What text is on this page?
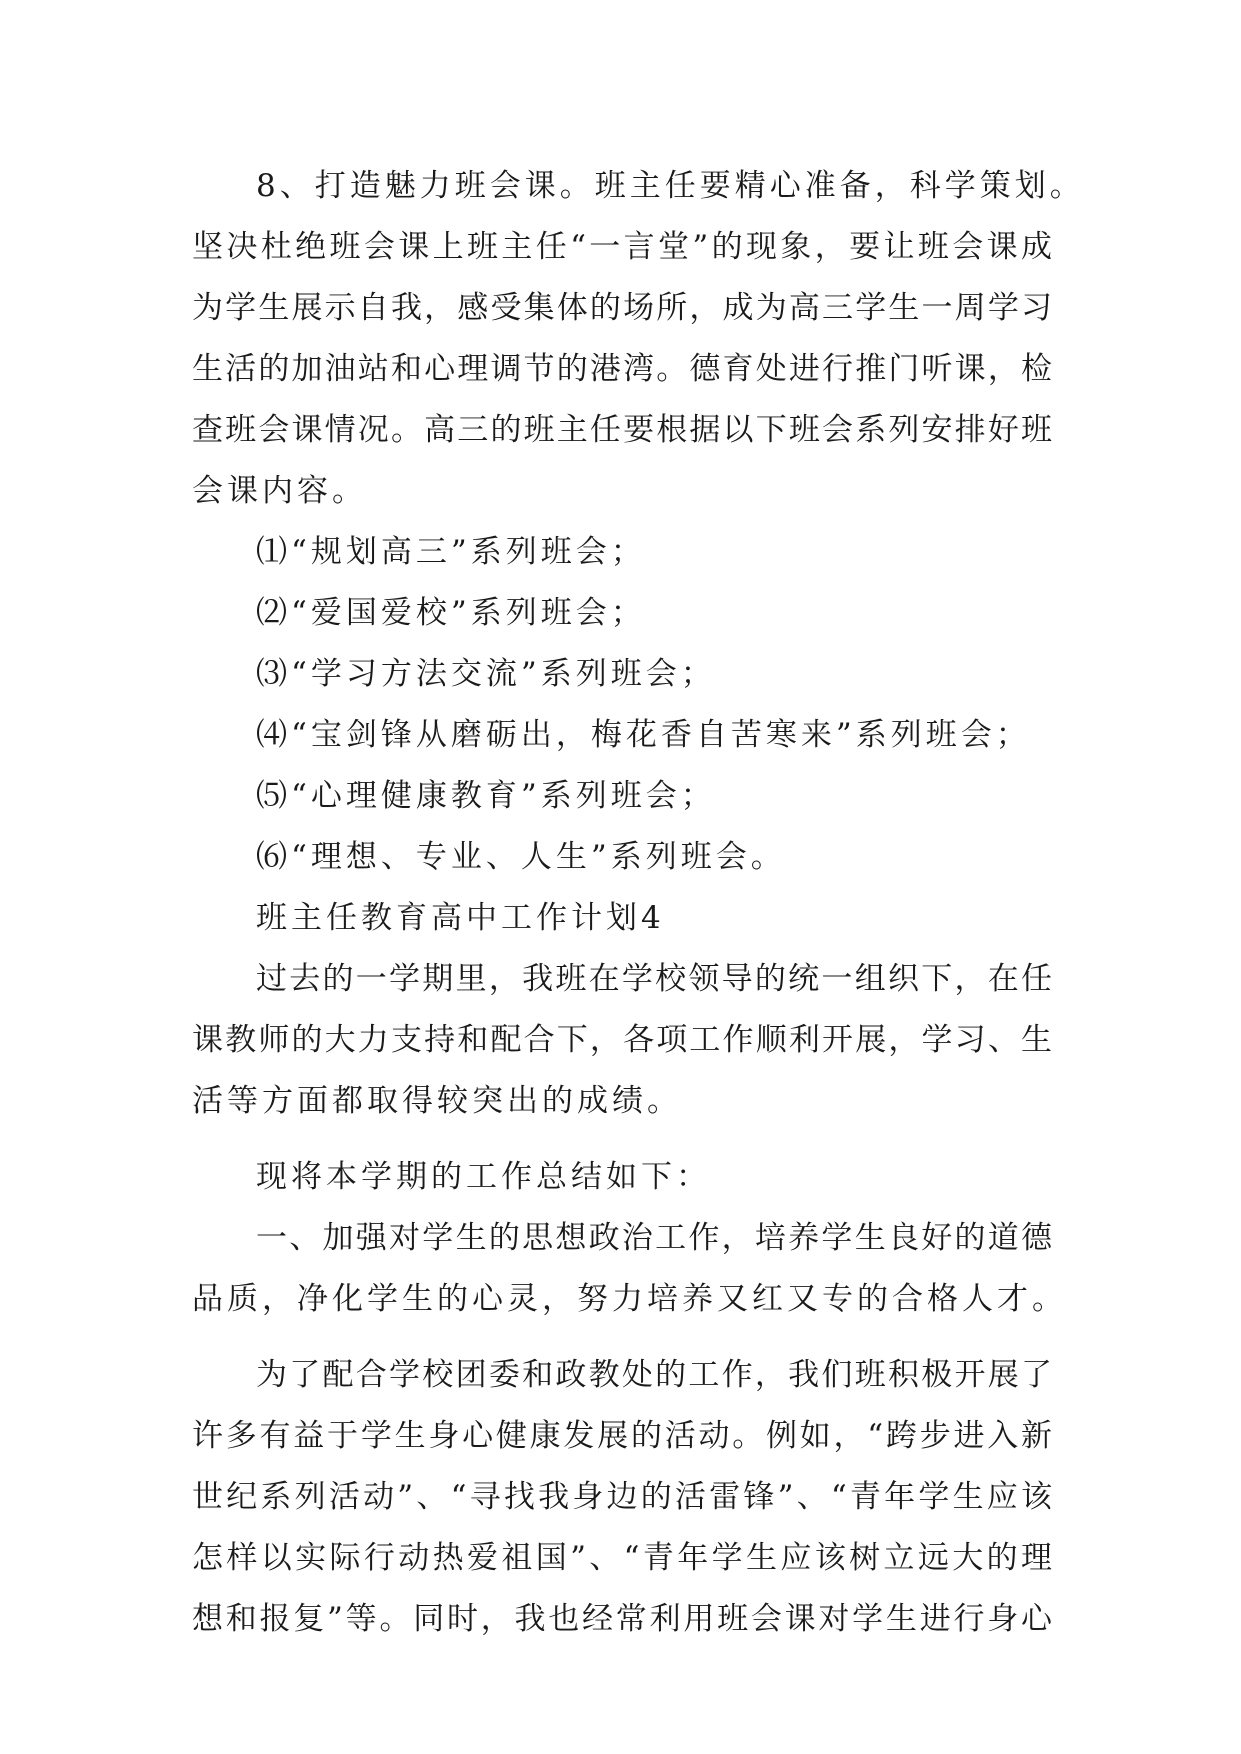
8、打造魅力班会课。班主任要精心准备，科学策划。
坚决杜绝班会课上班主任“一言堂”的现象，要让班会课成
为学生展示自我，感受集体的场所，成为高三学生一周学习
生活的加油站和心理调节的港湾。德育处进行推门听课，检
查班会课情况。高三的班主任要根据以下班会系列安排好班
会课内容。
⑴“规划高三”系列班会；
⑵“爱国爱校”系列班会；
⑶“学习方法交流”系列班会；
⑷“宝剑锋从磨砺出，梅花香自苦寒来”系列班会；
⑸“心理健康教育”系列班会；
⑹“理想、专业、人生”系列班会。
班主任教育高中工作计划4
过去的一学期里，我班在学校领导的统一组织下，在任
课教师的大力支持和配合下，各项工作顺利开展，学习、生
活等方面都取得较突出的成绩。
现将本学期的工作总结如下：
一、加强对学生的思想政治工作，培养学生良好的道德
品质，净化学生的心灵，努力培养又红又专的合格人才。
为了配合学校团委和政教处的工作，我们班积极开展了
许多有益于学生身心健康发展的活动。例如，“跨步进入新
世纪系列活动”、“寻找我身边的活雷锋”、“青年学生应该
怎样以实际行动热爱祖国”、“青年学生应该树立远大的理
想和报复”等。同时，我也经常利用班会课对学生进行身心
